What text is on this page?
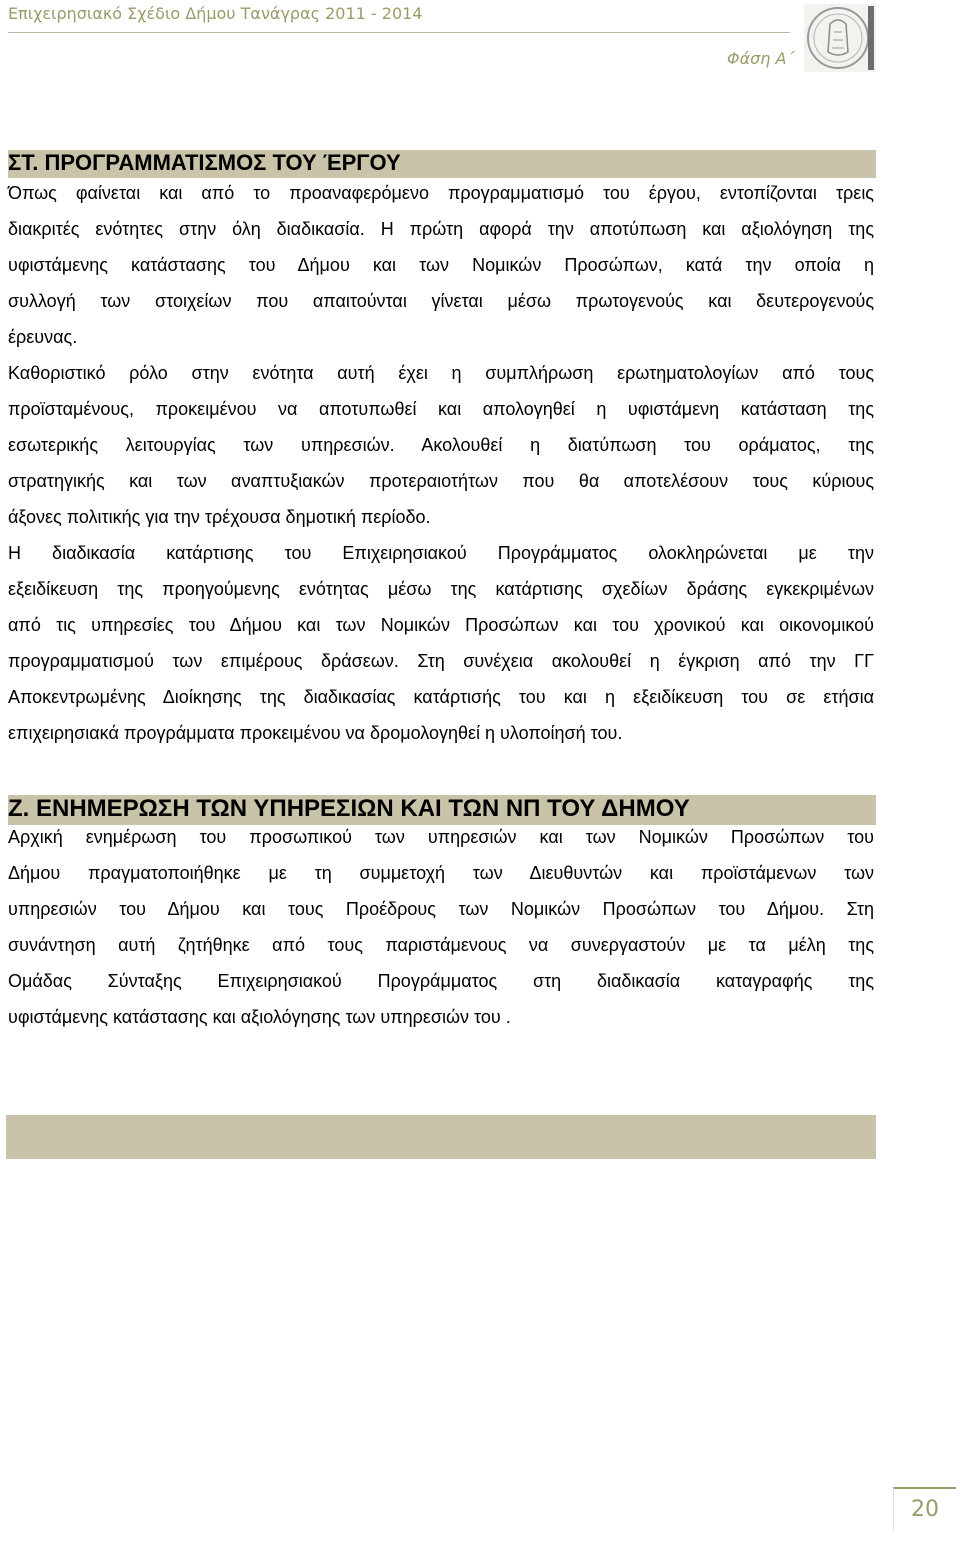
Επιχειρησιακό Σχέδιο Δήμου Τανάγρας 2011 - 2014
Φάση Α΄
ΣΤ. ΠΡΟΓΡΑΜΜΑΤΙΣΜΟΣ ΤΟΥ ΈΡΓΟΥ

Όπως φαίνεται και από το προαναφερόμενο προγραμματισμό του έργου, εντοπίζονται τρεις
διακριτές ενότητες στην όλη διαδικασία. Η πρώτη αφορά την αποτύπωση και αξιολόγηση της
υφιστάμενης κατάστασης του Δήμου και των Νομικών Προσώπων, κατά την οποία η
συλλογή των στοιχείων που απαιτούνται γίνεται μέσω πρωτογενούς και δευτερογενούς
έρευνας.

Καθοριστικό ρόλο στην ενότητα αυτή έχει η συμπλήρωση ερωτηματολογίων από τους
προϊσταμένους, προκειμένου να αποτυπωθεί και απολογηθεί η υφιστάμενη κατάσταση της
εσωτερικής λειτουργίας των υπηρεσιών. Ακολουθεί η διατύπωση του οράματος, της
στρατηγικής και των αναπτυξιακών προτεραιοτήτων που θα αποτελέσουν τους κύριους
άξονες πολιτικής για την τρέχουσα δημοτική περίοδο.

Η διαδικασία κατάρτισης του Επιχειρησιακού Προγράμματος ολοκληρώνεται με την
εξειδίκευση της προηγούμενης ενότητας μέσω της κατάρτισης σχεδίων δράσης εγκεκριμένων
από τις υπηρεσίες του Δήμου και των Νομικών Προσώπων και του χρονικού και οικονομικού
προγραμματισμού των επιμέρους δράσεων. Στη συνέχεια ακολουθεί η έγκριση από την ΓΓ
Αποκεντρωμένης Διοίκησης της διαδικασίας κατάρτισής του και η εξειδίκευση του σε ετήσια
επιχειρησιακά προγράμματα προκειμένου να δρομολογηθεί η υλοποίησή του.

Ζ. ΕΝΗΜΕΡΩΣΗ ΤΩΝ ΥΠΗΡΕΣΙΩΝ ΚΑΙ ΤΩΝ ΝΠ ΤΟΥ ΔΗΜΟΥ

Αρχική ενημέρωση του προσωπικού των υπηρεσιών και των Νομικών Προσώπων του
Δήμου πραγματοποιήθηκε με τη συμμετοχή των Διευθυντών και προϊστάμενων των
υπηρεσιών του Δήμου και τους Προέδρους των Νομικών Προσώπων του Δήμου. Στη
συνάντηση αυτή ζητήθηκε από τους παριστάμενους να συνεργαστούν με τα μέλη της
Ομάδας Σύνταξης Επιχειρησιακού Προγράμματος στη διαδικασία καταγραφής της
υφιστάμενης κατάστασης και αξιολόγησης των υπηρεσιών του .

20
